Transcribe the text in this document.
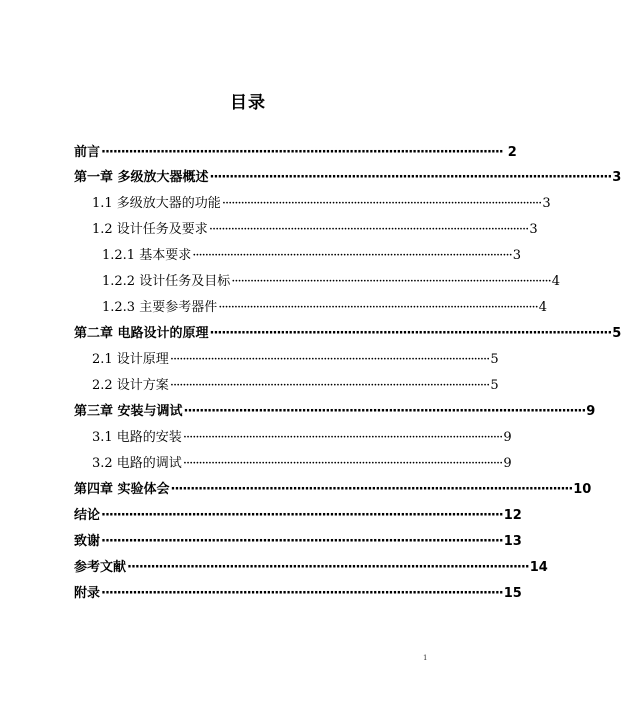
目录
前言 ······································································································ 2
第一章 多级放大器概述 ······································································································ 3
1.1 多级放大器的功能 ······································································································ 3
1.2 设计任务及要求 ······································································································ 3
1.2.1 基本要求 ······································································································ 3
1.2.2 设计任务及目标 ······································································································ 4
1.2.3 主要参考器件 ······································································································ 4
第二章 电路设计的原理 ······································································································ 5
2.1 设计原理 ······································································································ 5
2.2 设计方案 ······································································································ 5
第三章 安装与调试 ······································································································ 9
3.1 电路的安装 ······································································································ 9
3.2 电路的调试 ······································································································ 9
第四章 实验体会 ······································································································ 10
结论 ······································································································ 12
致谢 ······································································································ 13
参考文献 ······································································································ 14
附录 ······································································································ 15
1
